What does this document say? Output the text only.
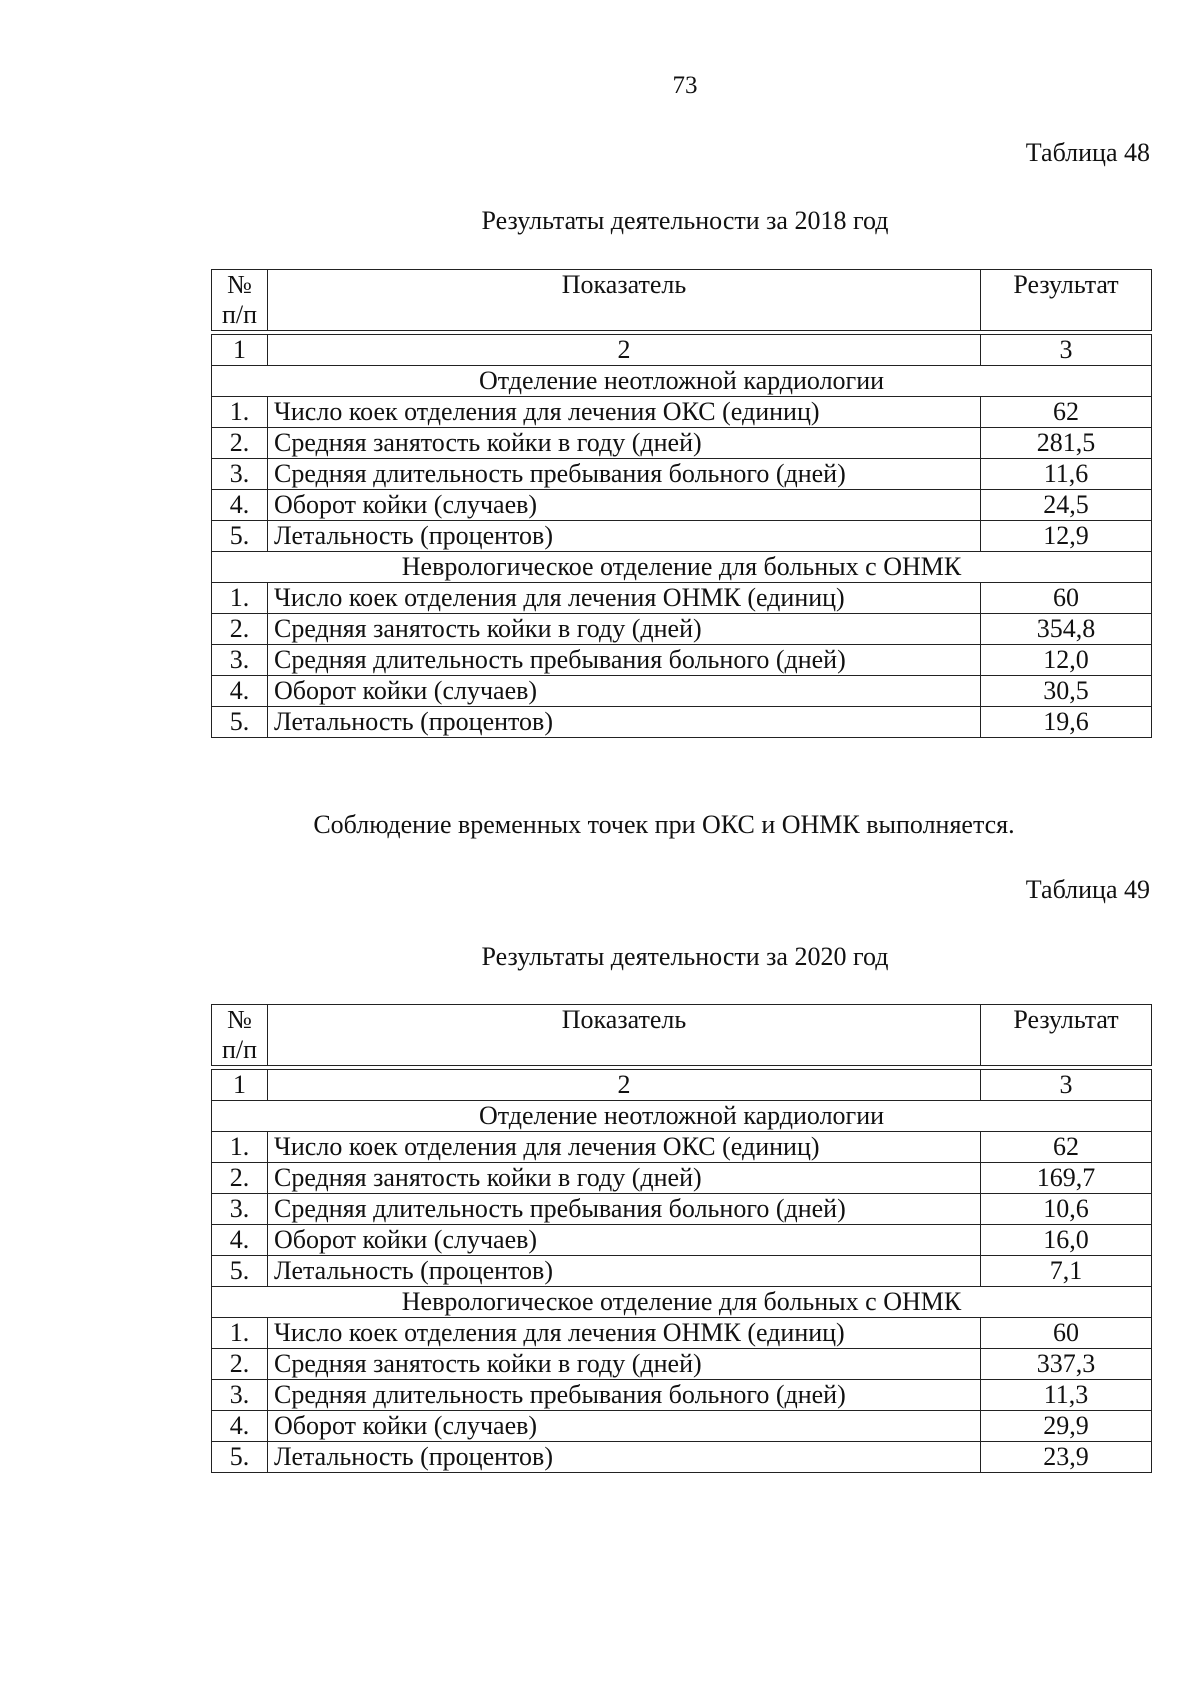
73
Таблица 48
Результаты деятельности за 2018 год
№
п/п	Показатель	Результат

1	2	3
Отделение неотложной кардиологии		
1.	Число коек отделения для лечения ОКС (единиц)	62
2.	Средняя занятость койки в году (дней)	281,5
3.	Средняя длительность пребывания больного (дней)	11,6
4.	Оборот койки (случаев)	24,5
5.	Летальность (процентов)	12,9
Неврологическое отделение для больных с ОНМК		
1.	Число коек отделения для лечения ОНМК (единиц)	60
2.	Средняя занятость койки в году (дней)	354,8
3.	Средняя длительность пребывания больного (дней)	12,0
4.	Оборот койки (случаев)	30,5
5.	Летальность (процентов)	19,6
Соблюдение временных точек при ОКС и ОНМК выполняется.
Таблица 49
Результаты деятельности за 2020 год
№
п/п	Показатель	Результат

1	2	3
Отделение неотложной кардиологии		
1.	Число коек отделения для лечения ОКС (единиц)	62
2.	Средняя занятость койки в году (дней)	169,7
3.	Средняя длительность пребывания больного (дней)	10,6
4.	Оборот койки (случаев)	16,0
5.	Летальность (процентов)	7,1
Неврологическое отделение для больных с ОНМК		
1.	Число коек отделения для лечения ОНМК (единиц)	60
2.	Средняя занятость койки в году (дней)	337,3
3.	Средняя длительность пребывания больного (дней)	11,3
4.	Оборот койки (случаев)	29,9
5.	Летальность (процентов)	23,9
